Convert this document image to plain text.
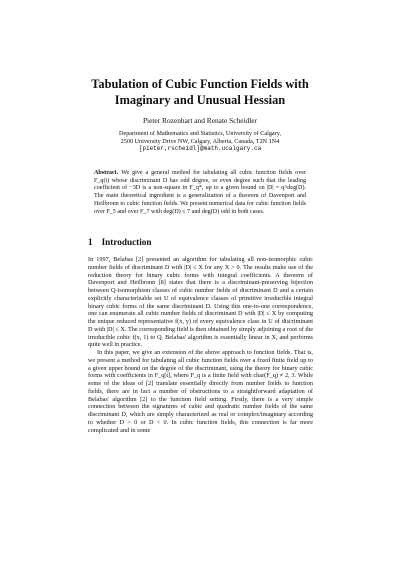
Tabulation of Cubic Function Fields with
Imaginary and Unusual Hessian
Pieter Rozenhart and Renate Scheidler
Department of Mathematics and Statistics, University of Calgary,
2500 University Drive NW, Calgary, Alberta, Canada, T2N 1N4
[pieter,rscheidl]@math.ucalgary.ca
Abstract. We give a general method for tabulating all cubic function fields over F_q(t) whose discriminant D has odd degree, or even degree such that the leading coefficient of −3D is a non-square in F_q*, up to a given bound on |D| = q^deg(D). The main theoretical ingredient is a generalization of a theorem of Davenport and Heilbronn to cubic function fields. We present numerical data for cubic function fields over F_5 and over F_7 with deg(D) ≤ 7 and deg(D) odd in both cases.
1 Introduction

In 1997, Belabas [2] presented an algorithm for tabulating all non-isomorphic cubic number fields of discriminant D with |D| ≤ X for any X > 0. The results make use of the reduction theory for binary cubic forms with integral coefficients. A theorem of Davenport and Heilbronn [8] states that there is a discriminant-preserving bijection between Q-isomorphism classes of cubic number fields of discriminant D and a certain explicitly characterizable set U of equivalence classes of primitive irreducible integral binary cubic forms of the same discriminant D. Using this one-to-one correspondence, one can enumerate all cubic number fields of discriminant D with |D| ≤ X by computing the unique reduced representative f(x, y) of every equivalence class in U of discriminant D with |D| ≤ X. The corresponding field is then obtained by simply adjoining a root of the irreducible cubic f(x, 1) to Q. Belabas' algorithm is essentially linear in X, and performs quite well in practice.

In this paper, we give an extension of the above approach to function fields. That is, we present a method for tabulating all cubic function fields over a fixed finite field up to a given upper bound on the degree of the discriminant, using the theory for binary cubic forms with coefficients in F_q[t], where F_q is a finite field with char(F_q) ≠ 2, 3. While some of the ideas of [2] translate essentially directly from number fields to function fields, there are in fact a number of obstructions to a straightforward adaptation of Belabas' algorithm [2] to the function field setting. Firstly, there is a very simple connection between the signatures of cubic and quadratic number fields of the same discriminant D, which are simply characterized as real or complex/imaginary according to whether D > 0 or D < 0. In cubic function fields, this connection is far more complicated and in some
